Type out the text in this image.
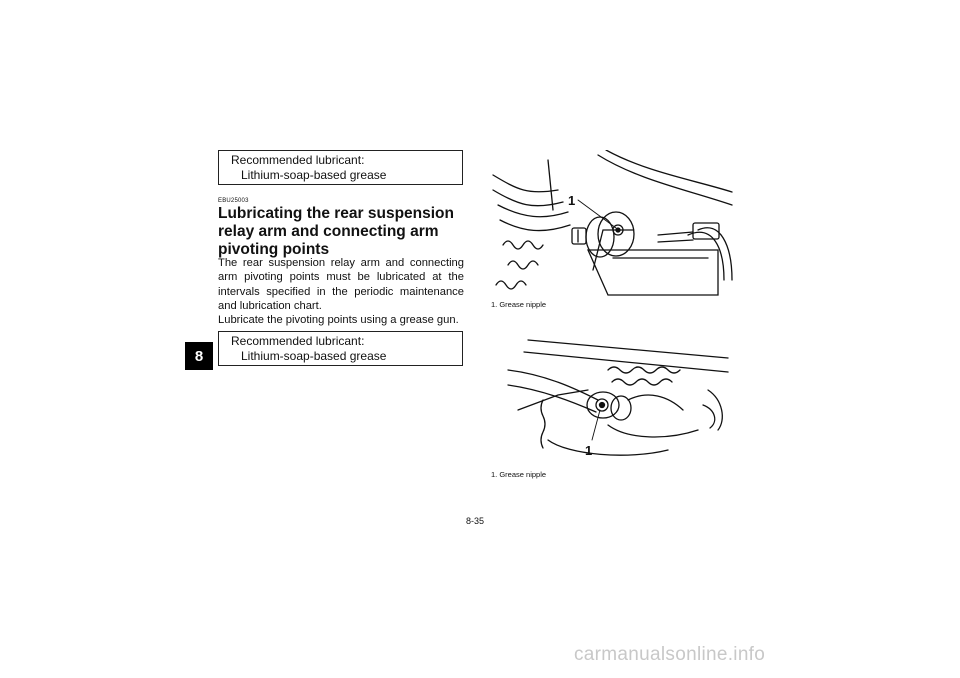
8
Recommended lubricant:
Lithium-soap-based grease
EBU25003
Lubricating the rear suspension relay arm and connecting arm pivoting points

The rear suspension relay arm and connecting arm pivoting points must be lubricated at the intervals specified in the periodic maintenance and lubrication chart.

Lubricate the pivoting points using a grease gun.

Recommended lubricant:
Lithium-soap-based grease
1
1. Grease nipple
1
1. Grease nipple
8-35
carmanualsonline.info
